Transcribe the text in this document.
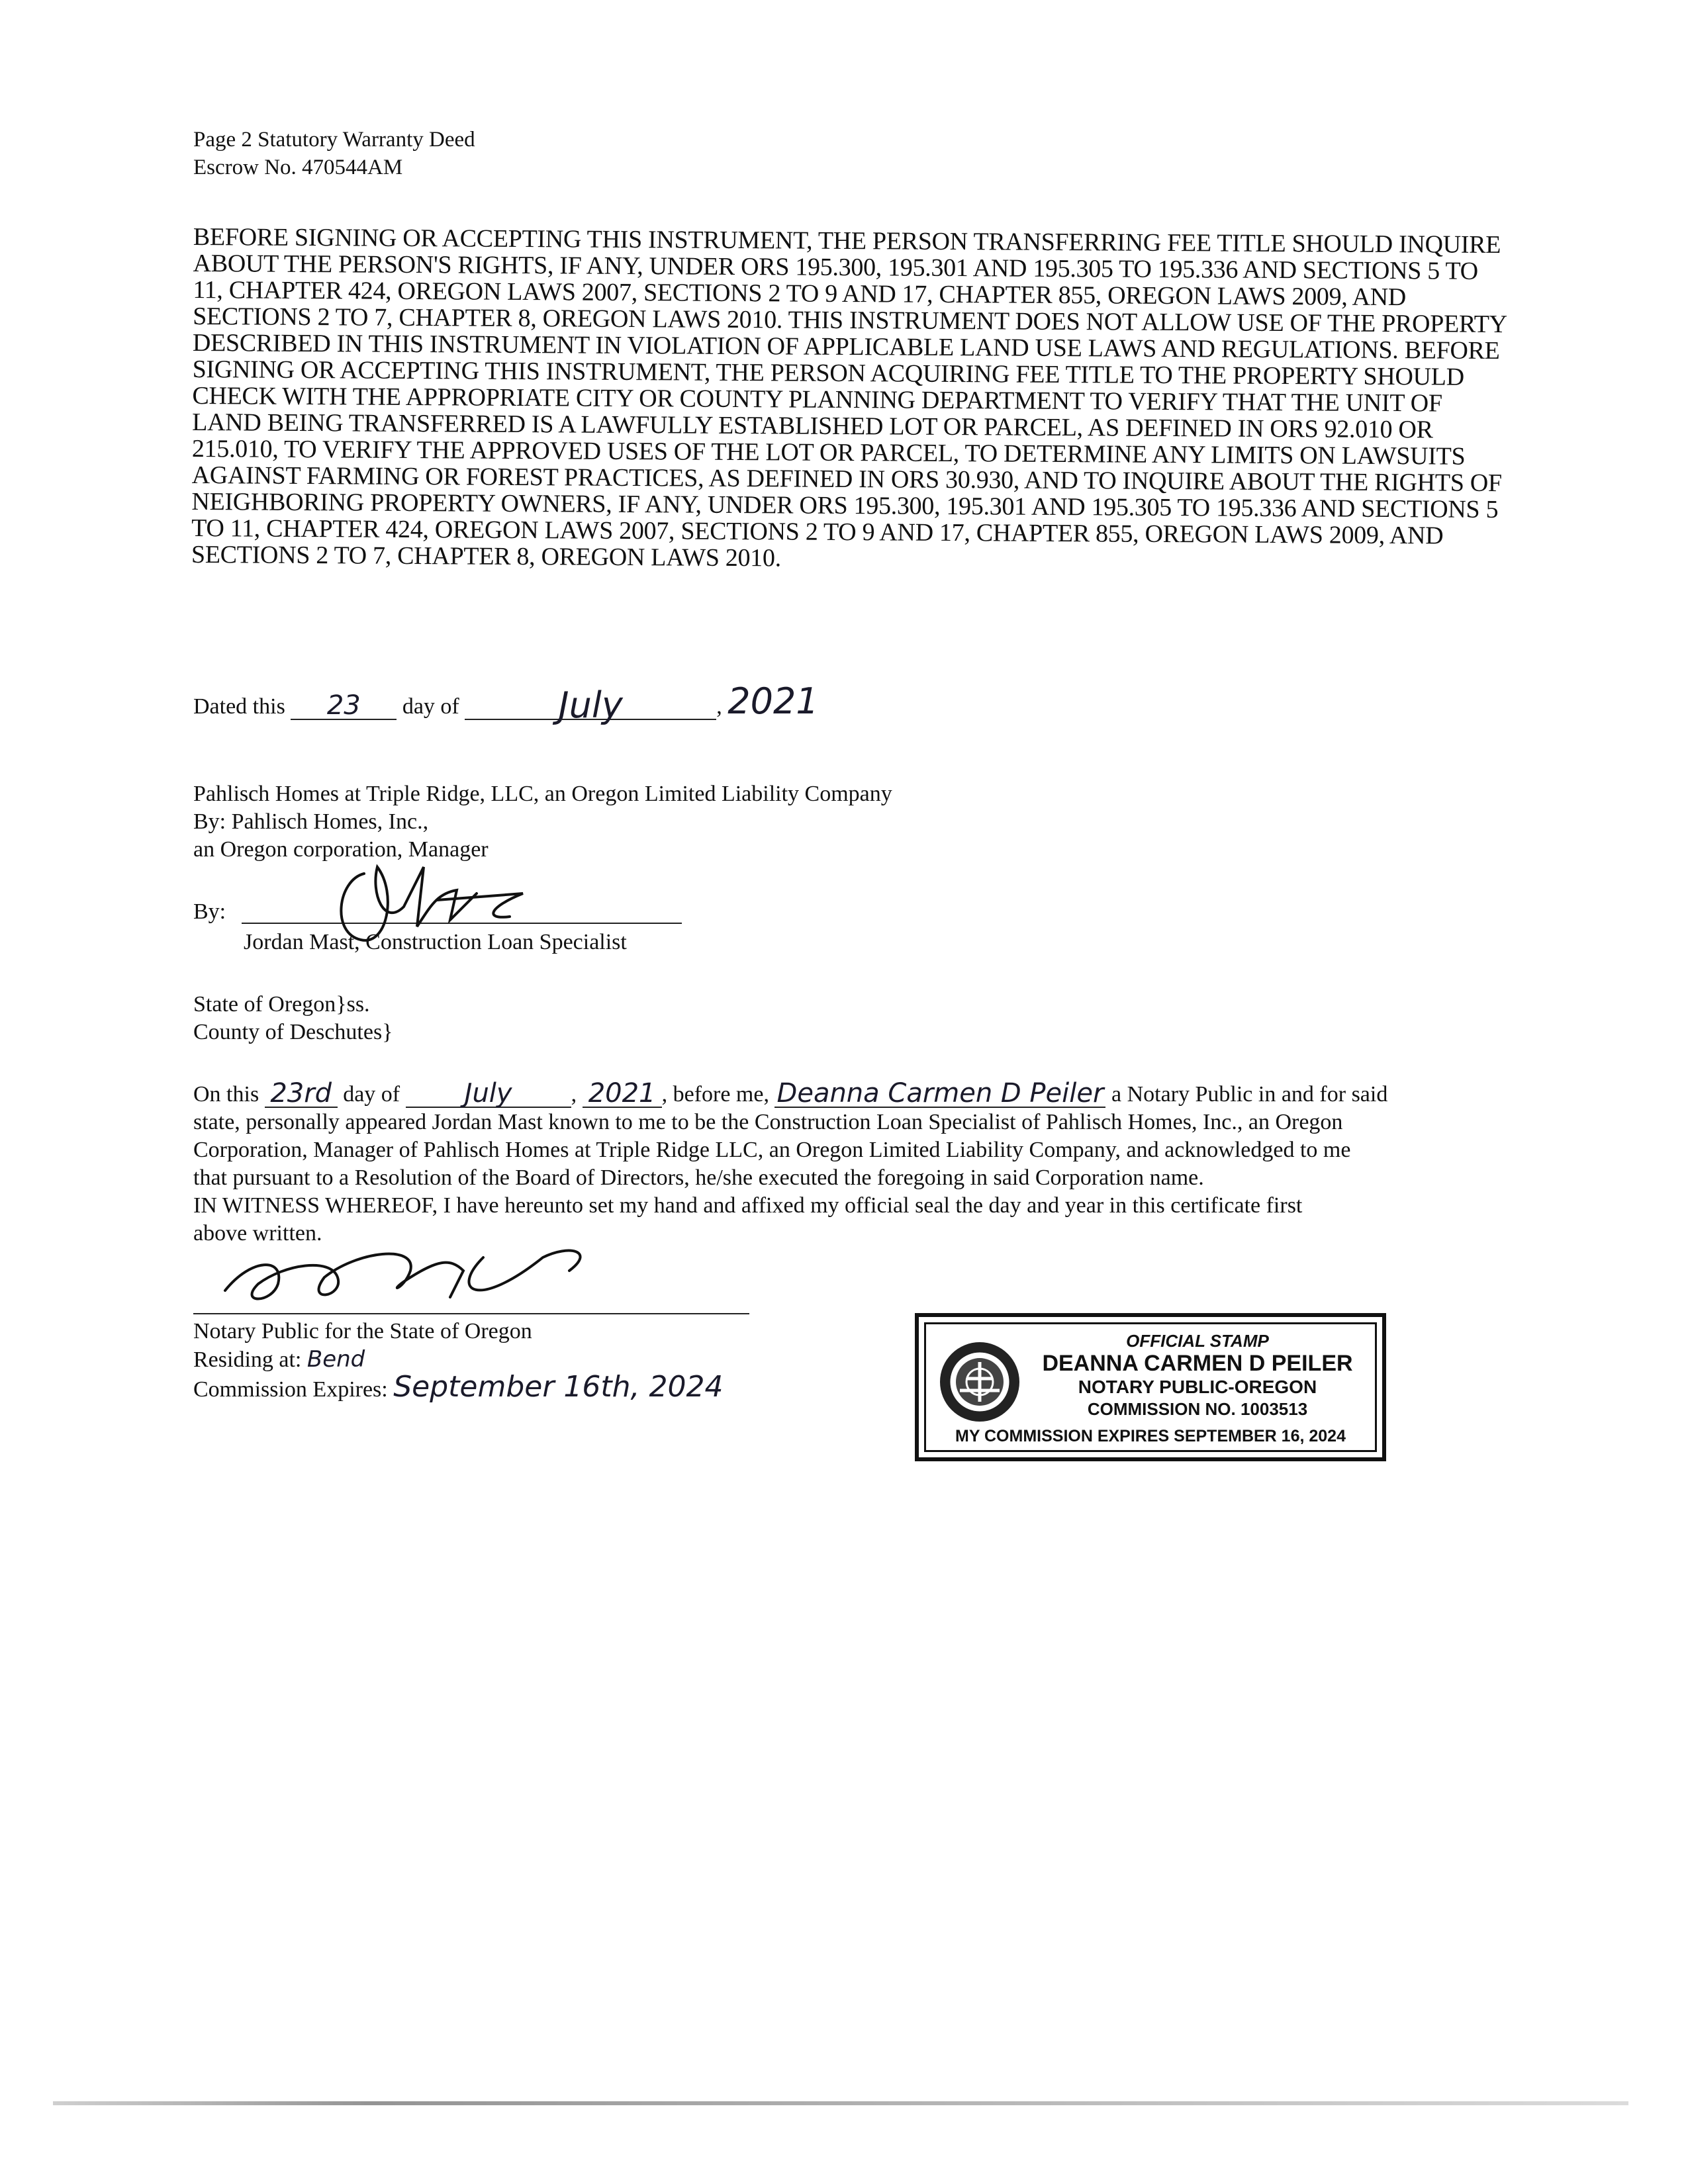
Page 2 Statutory Warranty Deed
Escrow No. 470544AM
BEFORE SIGNING OR ACCEPTING THIS INSTRUMENT, THE PERSON TRANSFERRING FEE TITLE SHOULD INQUIRE ABOUT THE PERSON'S RIGHTS, IF ANY, UNDER ORS 195.300, 195.301 AND 195.305 TO 195.336 AND SECTIONS 5 TO 11, CHAPTER 424, OREGON LAWS 2007, SECTIONS 2 TO 9 AND 17, CHAPTER 855, OREGON LAWS 2009, AND SECTIONS 2 TO 7, CHAPTER 8, OREGON LAWS 2010. THIS INSTRUMENT DOES NOT ALLOW USE OF THE PROPERTY DESCRIBED IN THIS INSTRUMENT IN VIOLATION OF APPLICABLE LAND USE LAWS AND REGULATIONS. BEFORE SIGNING OR ACCEPTING THIS INSTRUMENT, THE PERSON ACQUIRING FEE TITLE TO THE PROPERTY SHOULD CHECK WITH THE APPROPRIATE CITY OR COUNTY PLANNING DEPARTMENT TO VERIFY THAT THE UNIT OF LAND BEING TRANSFERRED IS A LAWFULLY ESTABLISHED LOT OR PARCEL, AS DEFINED IN ORS 92.010 OR 215.010, TO VERIFY THE APPROVED USES OF THE LOT OR PARCEL, TO DETERMINE ANY LIMITS ON LAWSUITS AGAINST FARMING OR FOREST PRACTICES, AS DEFINED IN ORS 30.930, AND TO INQUIRE ABOUT THE RIGHTS OF NEIGHBORING PROPERTY OWNERS, IF ANY, UNDER ORS 195.300, 195.301 AND 195.305 TO 195.336 AND SECTIONS 5 TO 11, CHAPTER 424, OREGON LAWS 2007, SECTIONS 2 TO 9 AND 17, CHAPTER 855, OREGON LAWS 2009, AND SECTIONS 2 TO 7, CHAPTER 8, OREGON LAWS 2010.
Dated this 23 day of	July	, 2021
Pahlisch Homes at Triple Ridge, LLC, an Oregon Limited Liability Company
By: Pahlisch Homes, Inc.,
an Oregon corporation, Manager
By:
Jordan Mast, Construction Loan Specialist
State of Oregon}ss.
County of Deschutes}
On this 23rd day of July	, 2021 , before me, Deanna Carmen D Peiler a Notary Public in and for said
state, personally appeared Jordan Mast known to me to be the Construction Loan Specialist of Pahlisch Homes, Inc., an Oregon
Corporation, Manager of Pahlisch Homes at Triple Ridge LLC, an Oregon Limited Liability Company, and acknowledged to me
that pursuant to a Resolution of the Board of Directors, he/she executed the foregoing in said Corporation name.
IN WITNESS WHEREOF, I have hereunto set my hand and affixed my official seal the day and year in this certificate first
above written.
Notary Public for the State of Oregon
Residing at: Bend
Commission Expires: September 16th, 2024
OFFICIAL STAMP
DEANNA CARMEN D PEILER
NOTARY PUBLIC-OREGON
COMMISSION NO. 1003513
MY COMMISSION EXPIRES SEPTEMBER 16, 2024
